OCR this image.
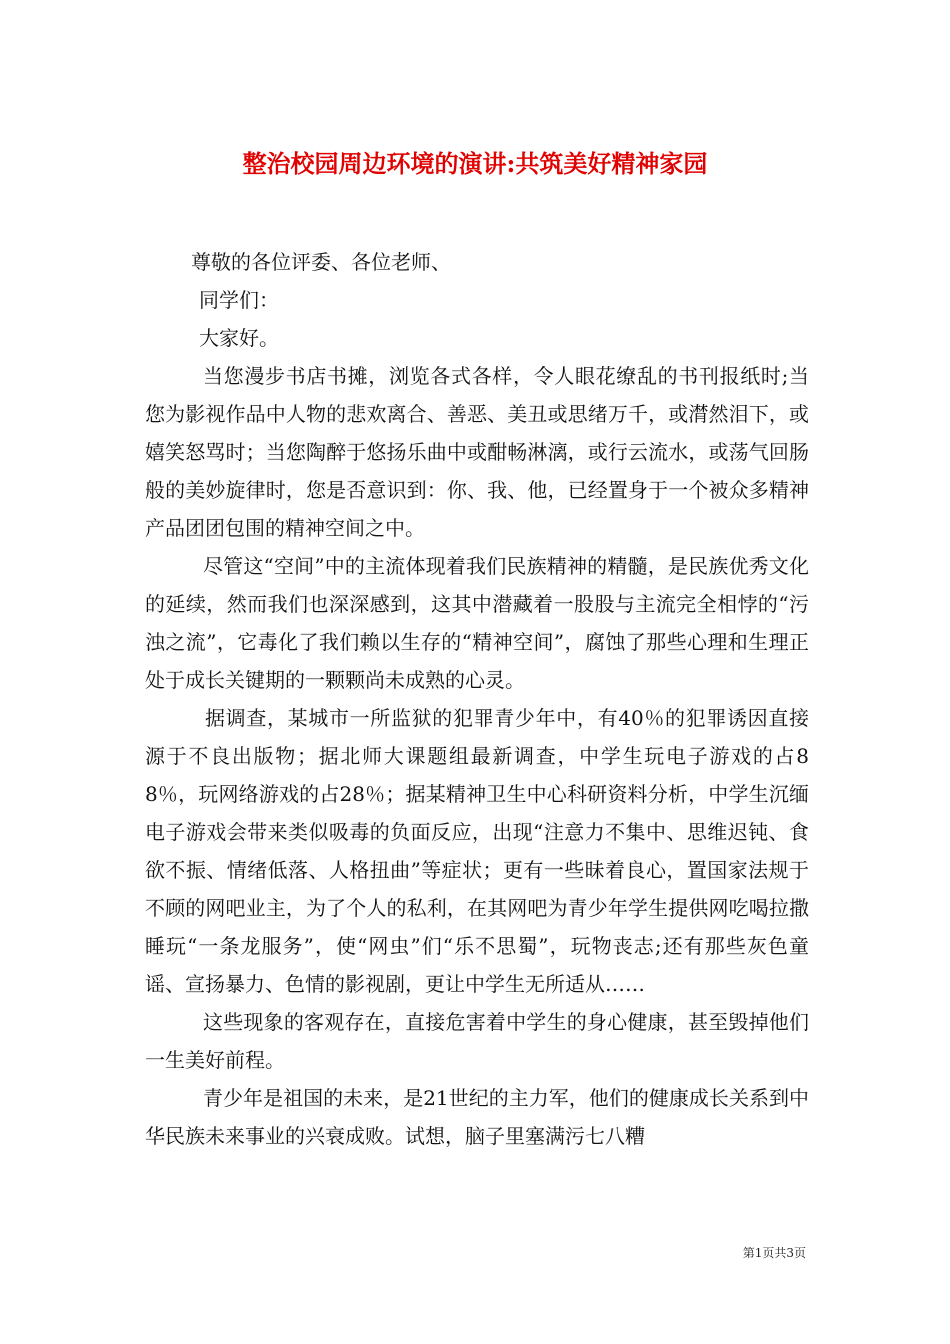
整治校园周边环境的演讲:共筑美好精神家园

尊敬的各位评委、各位老师、

同学们：

大家好。

当您漫步书店书摊，浏览各式各样，令人眼花缭乱的书刊报纸时;当您为影视作品中人物的悲欢离合、善恶、美丑或思绪万千，或潸然泪下，或嬉笑怒骂时；当您陶醉于悠扬乐曲中或酣畅淋漓，或行云流水，或荡气回肠般的美妙旋律时，您是否意识到：你、我、他，已经置身于一个被众多精神产品团团包围的精神空间之中。

尽管这“空间”中的主流体现着我们民族精神的精髓，是民族优秀文化的延续，然而我们也深深感到，这其中潜藏着一股股与主流完全相悖的“污浊之流”，它毒化了我们赖以生存的“精神空间”，腐蚀了那些心理和生理正处于成长关键期的一颗颗尚未成熟的心灵。

据调查，某城市一所监狱的犯罪青少年中，有40％的犯罪诱因直接源于不良出版物；据北师大课题组最新调查，中学生玩电子游戏的占88％，玩网络游戏的占28％；据某精神卫生中心科研资料分析，中学生沉缅电子游戏会带来类似吸毒的负面反应，出现“注意力不集中、思维迟钝、食欲不振、情绪低落、人格扭曲”等症状；更有一些昧着良心，置国家法规于不顾的网吧业主，为了个人的私利，在其网吧为青少年学生提供网吃喝拉撒睡玩“一条龙服务”，使“网虫”们“乐不思蜀”，玩物丧志;还有那些灰色童谣、宣扬暴力、色情的影视剧，更让中学生无所适从……

这些现象的客观存在，直接危害着中学生的身心健康，甚至毁掉他们一生美好前程。

青少年是祖国的未来，是21世纪的主力军，他们的健康成长关系到中华民族未来事业的兴衰成败。试想，脑子里塞满污七八糟

第1页共3页
